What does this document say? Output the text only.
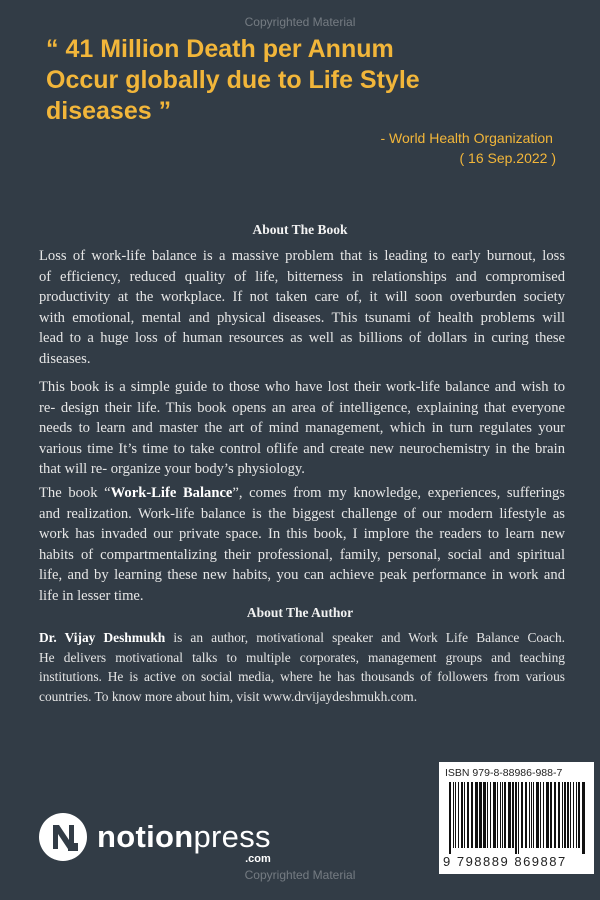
Copyrighted Material
“ 41 Million Death per Annum
Occur globally due to Life Style
diseases ”
- World Health Organization
( 16 Sep.2022 )
About The Book
Loss of work-life balance is a massive problem that is leading to early burnout, loss
of efficiency, reduced quality of life, bitterness in relationships and compromised
productivity at the workplace. If not taken care of, it will soon overburden society
with emotional, mental and physical diseases. This tsunami of health problems will
lead to a huge loss of human resources as well as billions of dollars in curing these
diseases.
This book is a simple guide to those who have lost their work-life balance and wish to
re- design their life. This book opens an area of intelligence, explaining that everyone
needs to learn and master the art of mind management, which in turn regulates your
various time It’s time to take control oflife and create new neurochemistry in the brain
that will re- organize your body’s physiology.
The book “Work-Life Balance”, comes from my knowledge, experiences, sufferings
and realization. Work-life balance is the biggest challenge of our modern lifestyle as
work has invaded our private space. In this book, I implore the readers to learn new
habits of compartmentalizing their professional, family, personal, social and spiritual
life, and by learning these new habits, you can achieve peak performance in work and
life in lesser time.
About The Author
Dr. Vijay Deshmukh is an author, motivational speaker and Work Life Balance Coach.
He delivers motivational talks to multiple corporates, management groups and teaching
institutions. He is active on social media, where he has thousands of followers from various
countries. To know more about him, visit www.drvijaydeshmukh.com.
notionpress
.com
ISBN 979-8-88986-988-7
9 798889 869887
Copyrighted Material
